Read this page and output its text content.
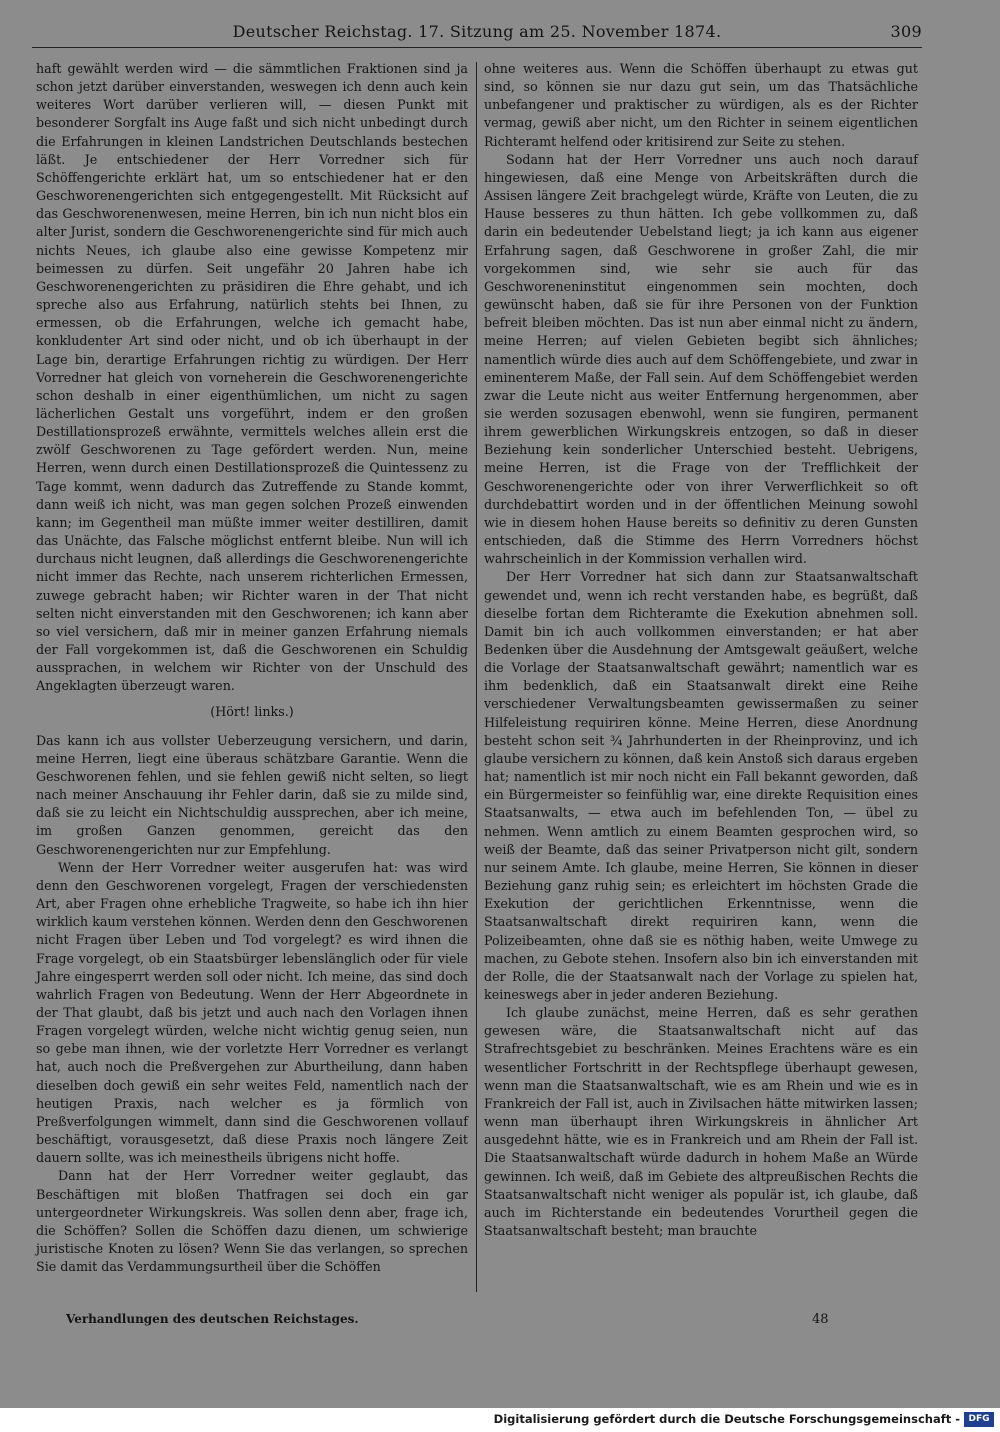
Deutscher Reichstag. 17. Sitzung am 25. November 1874.	309

haft gewählt werden wird — die sämmtlichen Fraktionen sind ja schon jetzt darüber einverstanden, weswegen ich denn auch kein weiteres Wort darüber verlieren will, — diesen Punkt mit besonderer Sorgfalt ins Auge faßt und sich nicht unbedingt durch die Erfahrungen in kleinen Landstrichen Deutschlands bestechen läßt. Je entschiedener der Herr Vorredner sich für Schöffengerichte erklärt hat, um so entschiedener hat er den Geschworenengerichten sich entgegengestellt. Mit Rücksicht auf das Geschworenenwesen, meine Herren, bin ich nun nicht blos ein alter Jurist, sondern die Geschworenengerichte sind für mich auch nichts Neues, ich glaube also eine gewisse Kompetenz mir beimessen zu dürfen. Seit ungefähr 20 Jahren habe ich Geschworenengerichten zu präsidiren die Ehre gehabt, und ich spreche also aus Erfahrung, natürlich stehts bei Ihnen, zu ermessen, ob die Erfahrungen, welche ich gemacht habe, konkludenter Art sind oder nicht, und ob ich überhaupt in der Lage bin, derartige Erfahrungen richtig zu würdigen. Der Herr Vorredner hat gleich von vorneherein die Geschworenengerichte schon deshalb in einer eigenthümlichen, um nicht zu sagen lächerlichen Gestalt uns vorgeführt, indem er den großen Destillationsprozeß erwähnte, vermittels welches allein erst die zwölf Geschworenen zu Tage gefördert werden. Nun, meine Herren, wenn durch einen Destillationsprozeß die Quintessenz zu Tage kommt, wenn dadurch das Zutreffende zu Stande kommt, dann weiß ich nicht, was man gegen solchen Prozeß einwenden kann; im Gegentheil man müßte immer weiter destilliren, damit das Unächte, das Falsche möglichst entfernt bleibe. Nun will ich durchaus nicht leugnen, daß allerdings die Geschworenengerichte nicht immer das Rechte, nach unserem richterlichen Ermessen, zuwege gebracht haben; wir Richter waren in der That nicht selten nicht einverstanden mit den Geschworenen; ich kann aber so viel versichern, daß mir in meiner ganzen Erfahrung niemals der Fall vorgekommen ist, daß die Geschworenen ein Schuldig aussprachen, in welchem wir Richter von der Unschuld des Angeklagten überzeugt waren.

(Hört! links.)

Das kann ich aus vollster Ueberzeugung versichern, und darin, meine Herren, liegt eine überaus schätzbare Garantie. Wenn die Geschworenen fehlen, und sie fehlen gewiß nicht selten, so liegt nach meiner Anschauung ihr Fehler darin, daß sie zu milde sind, daß sie zu leicht ein Nichtschuldig aussprechen, aber ich meine, im großen Ganzen genommen, gereicht das den Geschworenengerichten nur zur Empfehlung.

Wenn der Herr Vorredner weiter ausgerufen hat: was wird denn den Geschworenen vorgelegt, Fragen der verschiedensten Art, aber Fragen ohne erhebliche Tragweite, so habe ich ihn hier wirklich kaum verstehen können. Werden denn den Geschworenen nicht Fragen über Leben und Tod vorgelegt? es wird ihnen die Frage vorgelegt, ob ein Staatsbürger lebenslänglich oder für viele Jahre eingesperrt werden soll oder nicht. Ich meine, das sind doch wahrlich Fragen von Bedeutung. Wenn der Herr Abgeordnete in der That glaubt, daß bis jetzt und auch nach den Vorlagen ihnen Fragen vorgelegt würden, welche nicht wichtig genug seien, nun so gebe man ihnen, wie der vorletzte Herr Vorredner es verlangt hat, auch noch die Preßvergehen zur Aburtheilung, dann haben dieselben doch gewiß ein sehr weites Feld, namentlich nach der heutigen Praxis, nach welcher es ja förmlich von Preßverfolgungen wimmelt, dann sind die Geschworenen vollauf beschäftigt, vorausgesetzt, daß diese Praxis noch längere Zeit dauern sollte, was ich meinestheils übrigens nicht hoffe.

Dann hat der Herr Vorredner weiter geglaubt, das Beschäftigen mit bloßen Thatfragen sei doch ein gar untergeordneter Wirkungskreis. Was sollen denn aber, frage ich, die Schöffen? Sollen die Schöffen dazu dienen, um schwierige juristische Knoten zu lösen? Wenn Sie das verlangen, so sprechen Sie damit das Verdammungsurtheil über die Schöffen

ohne weiteres aus. Wenn die Schöffen überhaupt zu etwas gut sind, so können sie nur dazu gut sein, um das Thatsächliche unbefangener und praktischer zu würdigen, als es der Richter vermag, gewiß aber nicht, um den Richter in seinem eigentlichen Richteramt helfend oder kritisirend zur Seite zu stehen.

Sodann hat der Herr Vorredner uns auch noch darauf hingewiesen, daß eine Menge von Arbeitskräften durch die Assisen längere Zeit brachgelegt würde, Kräfte von Leuten, die zu Hause besseres zu thun hätten. Ich gebe vollkommen zu, daß darin ein bedeutender Uebelstand liegt; ja ich kann aus eigener Erfahrung sagen, daß Geschworene in großer Zahl, die mir vorgekommen sind, wie sehr sie auch für das Geschworeneninstitut eingenommen sein mochten, doch gewünscht haben, daß sie für ihre Personen von der Funktion befreit bleiben möchten. Das ist nun aber einmal nicht zu ändern, meine Herren; auf vielen Gebieten begibt sich ähnliches; namentlich würde dies auch auf dem Schöffengebiete, und zwar in eminenterem Maße, der Fall sein. Auf dem Schöffengebiet werden zwar die Leute nicht aus weiter Entfernung hergenommen, aber sie werden sozusagen ebenwohl, wenn sie fungiren, permanent ihrem gewerblichen Wirkungskreis entzogen, so daß in dieser Beziehung kein sonderlicher Unterschied besteht. Uebrigens, meine Herren, ist die Frage von der Trefflichkeit der Geschworenengerichte oder von ihrer Verwerflichkeit so oft durchdebattirt worden und in der öffentlichen Meinung sowohl wie in diesem hohen Hause bereits so definitiv zu deren Gunsten entschieden, daß die Stimme des Herrn Vorredners höchst wahrscheinlich in der Kommission verhallen wird.

Der Herr Vorredner hat sich dann zur Staatsanwaltschaft gewendet und, wenn ich recht verstanden habe, es begrüßt, daß dieselbe fortan dem Richteramte die Exekution abnehmen soll. Damit bin ich auch vollkommen einverstanden; er hat aber Bedenken über die Ausdehnung der Amtsgewalt geäußert, welche die Vorlage der Staatsanwaltschaft gewährt; namentlich war es ihm bedenklich, daß ein Staatsanwalt direkt eine Reihe verschiedener Verwaltungsbeamten gewissermaßen zu seiner Hilfeleistung requiriren könne. Meine Herren, diese Anordnung besteht schon seit ¾ Jahrhunderten in der Rheinprovinz, und ich glaube versichern zu können, daß kein Anstoß sich daraus ergeben hat; namentlich ist mir noch nicht ein Fall bekannt geworden, daß ein Bürgermeister so feinfühlig war, eine direkte Requisition eines Staatsanwalts, — etwa auch im befehlenden Ton, — übel zu nehmen. Wenn amtlich zu einem Beamten gesprochen wird, so weiß der Beamte, daß das seiner Privatperson nicht gilt, sondern nur seinem Amte. Ich glaube, meine Herren, Sie können in dieser Beziehung ganz ruhig sein; es erleichtert im höchsten Grade die Exekution der gerichtlichen Erkenntnisse, wenn die Staatsanwaltschaft direkt requiriren kann, wenn die Polizeibeamten, ohne daß sie es nöthig haben, weite Umwege zu machen, zu Gebote stehen. Insofern also bin ich einverstanden mit der Rolle, die der Staatsanwalt nach der Vorlage zu spielen hat, keineswegs aber in jeder anderen Beziehung.

Ich glaube zunächst, meine Herren, daß es sehr gerathen gewesen wäre, die Staatsanwaltschaft nicht auf das Strafrechtsgebiet zu beschränken. Meines Erachtens wäre es ein wesentlicher Fortschritt in der Rechtspflege überhaupt gewesen, wenn man die Staatsanwaltschaft, wie es am Rhein und wie es in Frankreich der Fall ist, auch in Zivilsachen hätte mitwirken lassen; wenn man überhaupt ihren Wirkungskreis in ähnlicher Art ausgedehnt hätte, wie es in Frankreich und am Rhein der Fall ist. Die Staatsanwaltschaft würde dadurch in hohem Maße an Würde gewinnen. Ich weiß, daß im Gebiete des altpreußischen Rechts die Staatsanwaltschaft nicht weniger als populär ist, ich glaube, daß auch im Richterstande ein bedeutendes Vorurtheil gegen die Staatsanwaltschaft besteht; man brauchte

Verhandlungen des deutschen Reichstages.	48
Digitalisierung gefördert durch die Deutsche Forschungsgemeinschaft - DFG
